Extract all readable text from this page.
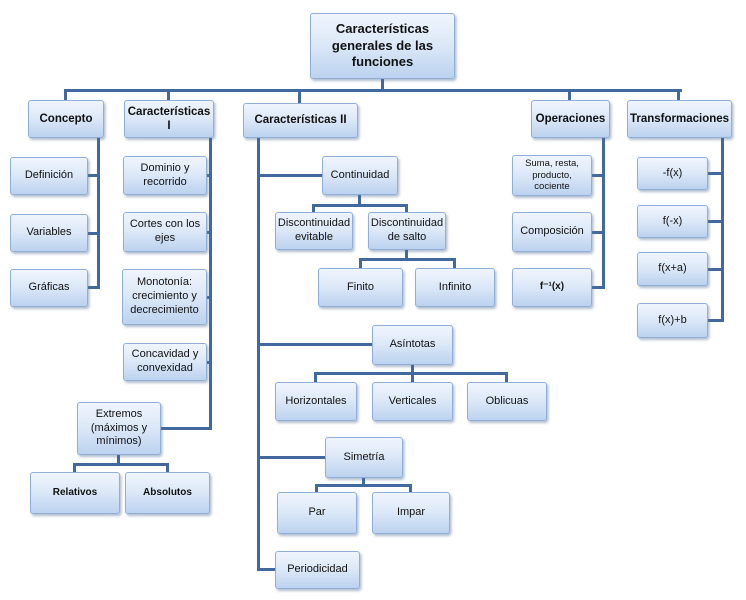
Características generales de las funciones
Concepto
Características I	Características II	Operaciones	Transformaciones
Definición
Variables
Gráficas
Dominio y recorrido
Cortes con los ejes
Monotonía: crecimiento y decrecimiento
Concavidad y convexidad
Extremos (máximos y mínimos)
Relativos	Absolutos
Continuidad
Discontinuidad evitable
Discontinuidad de salto
Finito	Infinito
Asíntotas
Horizontales	Verticales	Oblicuas
Simetría
Par	Impar
Periodicidad
Suma, resta, producto, cociente
Composición
f⁻¹(x)
-f(x)
f(-x)
f(x+a)
f(x)+b
